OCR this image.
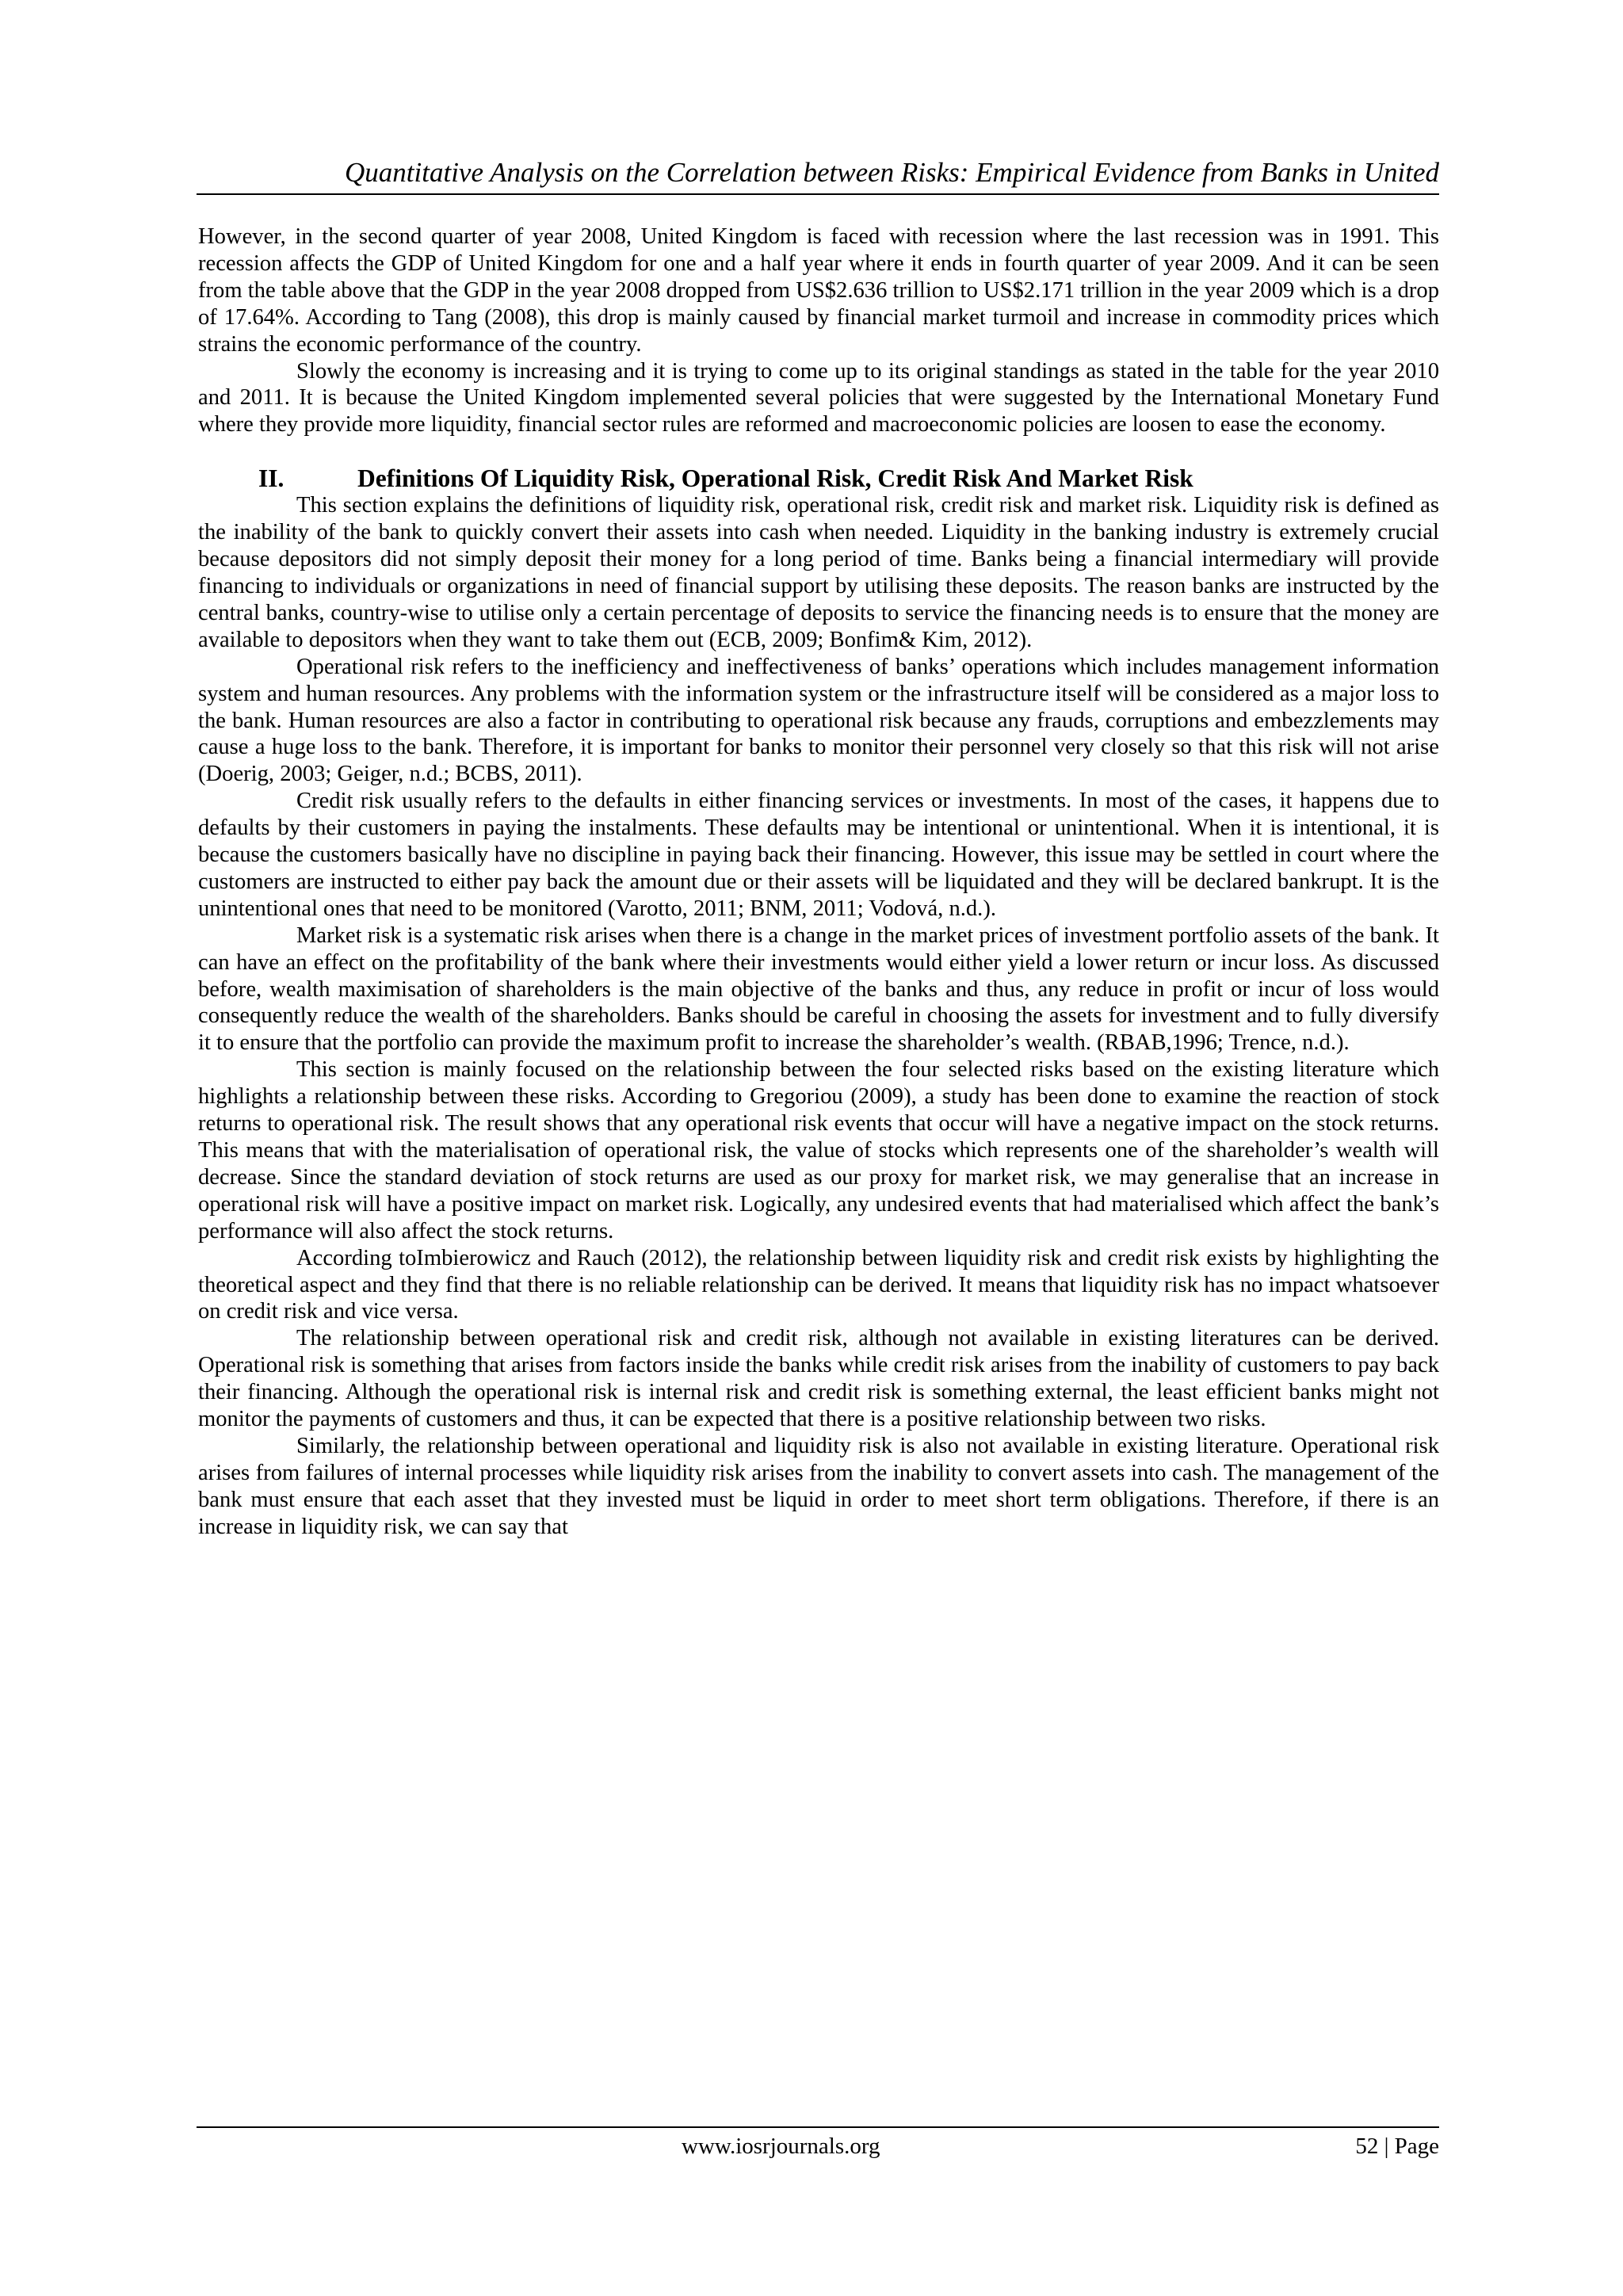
Quantitative Analysis on the Correlation between Risks: Empirical Evidence from Banks in United

However, in the second quarter of year 2008, United Kingdom is faced with recession where the last recession was in 1991. This recession affects the GDP of United Kingdom for one and a half year where it ends in fourth quarter of year 2009. And it can be seen from the table above that the GDP in the year 2008 dropped from US$2.636 trillion to US$2.171 trillion in the year 2009 which is a drop of 17.64%. According to Tang (2008), this drop is mainly caused by financial market turmoil and increase in commodity prices which strains the economic performance of the country.

Slowly the economy is increasing and it is trying to come up to its original standings as stated in the table for the year 2010 and 2011. It is because the United Kingdom implemented several policies that were suggested by the International Monetary Fund where they provide more liquidity, financial sector rules are reformed and macroeconomic policies are loosen to ease the economy.

II.	Definitions Of Liquidity Risk, Operational Risk, Credit Risk And Market Risk

This section explains the definitions of liquidity risk, operational risk, credit risk and market risk. Liquidity risk is defined as the inability of the bank to quickly convert their assets into cash when needed. Liquidity in the banking industry is extremely crucial because depositors did not simply deposit their money for a long period of time. Banks being a financial intermediary will provide financing to individuals or organizations in need of financial support by utilising these deposits. The reason banks are instructed by the central banks, country-wise to utilise only a certain percentage of deposits to service the financing needs is to ensure that the money are available to depositors when they want to take them out (ECB, 2009; Bonfim& Kim, 2012).

Operational risk refers to the inefficiency and ineffectiveness of banks’ operations which includes management information system and human resources. Any problems with the information system or the infrastructure itself will be considered as a major loss to the bank. Human resources are also a factor in contributing to operational risk because any frauds, corruptions and embezzlements may cause a huge loss to the bank. Therefore, it is important for banks to monitor their personnel very closely so that this risk will not arise (Doerig, 2003; Geiger, n.d.; BCBS, 2011).

Credit risk usually refers to the defaults in either financing services or investments. In most of the cases, it happens due to defaults by their customers in paying the instalments. These defaults may be intentional or unintentional. When it is intentional, it is because the customers basically have no discipline in paying back their financing. However, this issue may be settled in court where the customers are instructed to either pay back the amount due or their assets will be liquidated and they will be declared bankrupt. It is the unintentional ones that need to be monitored (Varotto, 2011; BNM, 2011; Vodová, n.d.).

Market risk is a systematic risk arises when there is a change in the market prices of investment portfolio assets of the bank. It can have an effect on the profitability of the bank where their investments would either yield a lower return or incur loss. As discussed before, wealth maximisation of shareholders is the main objective of the banks and thus, any reduce in profit or incur of loss would consequently reduce the wealth of the shareholders. Banks should be careful in choosing the assets for investment and to fully diversify it to ensure that the portfolio can provide the maximum profit to increase the shareholder’s wealth. (RBAB,1996; Trence, n.d.).

This section is mainly focused on the relationship between the four selected risks based on the existing literature which highlights a relationship between these risks. According to Gregoriou (2009), a study has been done to examine the reaction of stock returns to operational risk. The result shows that any operational risk events that occur will have a negative impact on the stock returns. This means that with the materialisation of operational risk, the value of stocks which represents one of the shareholder’s wealth will decrease. Since the standard deviation of stock returns are used as our proxy for market risk, we may generalise that an increase in operational risk will have a positive impact on market risk. Logically, any undesired events that had materialised which affect the bank’s performance will also affect the stock returns.

According toImbierowicz and Rauch (2012), the relationship between liquidity risk and credit risk exists by highlighting the theoretical aspect and they find that there is no reliable relationship can be derived. It means that liquidity risk has no impact whatsoever on credit risk and vice versa.

The relationship between operational risk and credit risk, although not available in existing literatures can be derived. Operational risk is something that arises from factors inside the banks while credit risk arises from the inability of customers to pay back their financing. Although the operational risk is internal risk and credit risk is something external, the least efficient banks might not monitor the payments of customers and thus, it can be expected that there is a positive relationship between two risks.

Similarly, the relationship between operational and liquidity risk is also not available in existing literature. Operational risk arises from failures of internal processes while liquidity risk arises from the inability to convert assets into cash. The management of the bank must ensure that each asset that they invested must be liquid in order to meet short term obligations. Therefore, if there is an increase in liquidity risk, we can say that

www.iosrjournals.org	52 | Page
